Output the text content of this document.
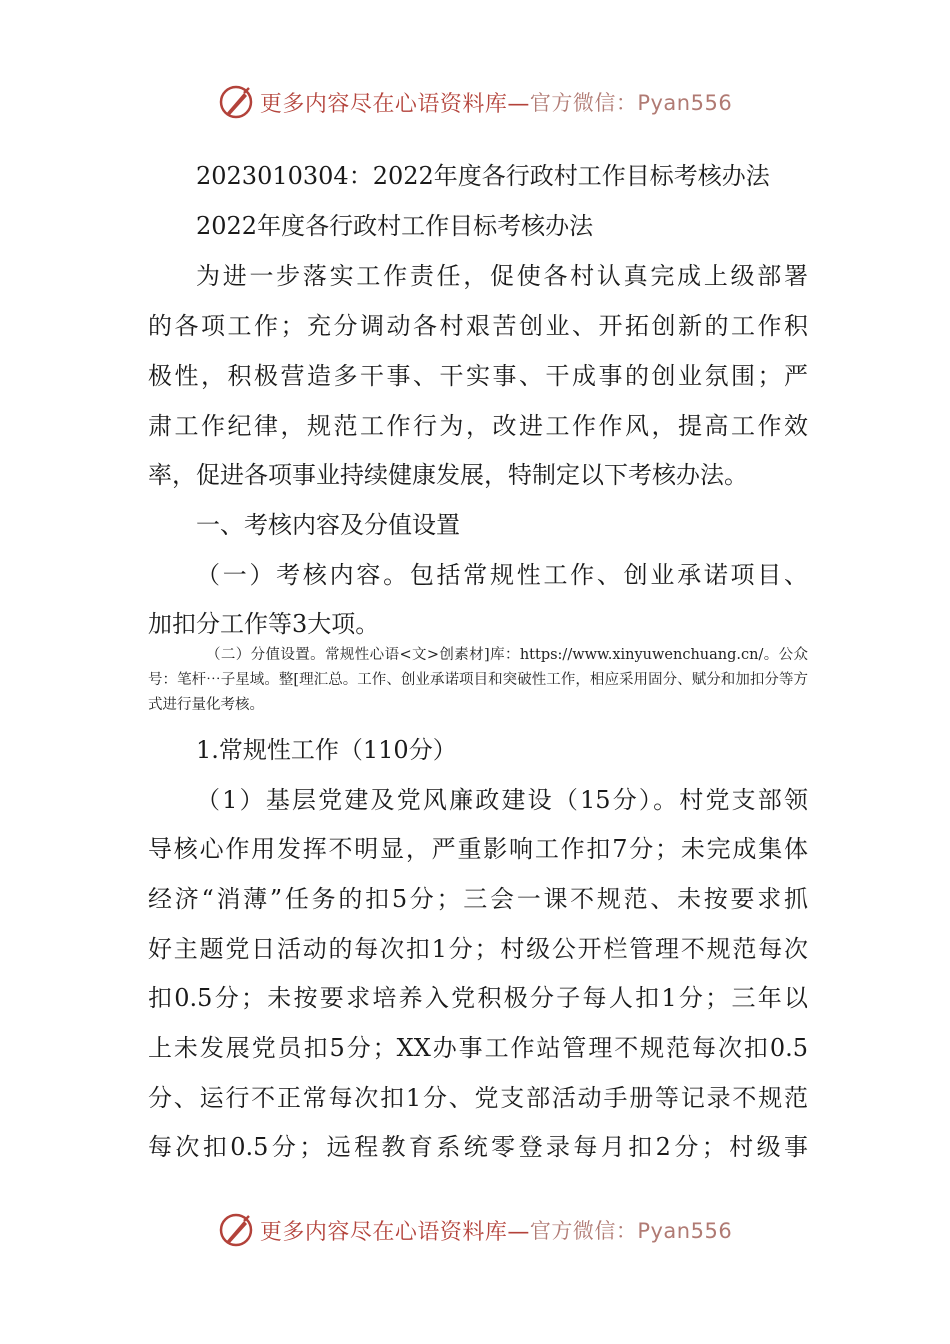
更多内容尽在心语资料库— 官方微信：Pyan556
2023010304：2022年度各行政村工作目标考核办法
2022年度各行政村工作目标考核办法
为进一步落实工作责任，促使各村认真完成上级部署
的各项工作；充分调动各村艰苦创业、开拓创新的工作积
极性，积极营造多干事、干实事、干成事的创业氛围；严
肃工作纪律，规范工作行为，改进工作作风，提高工作效
率，促进各项事业持续健康发展，特制定以下考核办法。
一、考核内容及分值设置
（一）考核内容。包括常规性工作、创业承诺项目、
加扣分工作等3大项。
（二）分值设置。常规性心语<文>创素材]库：https://www.xinyuwenchuang.cn/。公众号：笔杆⋯子星域。整[理汇总。工作、创业承诺项目和突破性工作，相应采用固分、赋分和加扣分等方式进行量化考核。
1.常规性工作（110分）
（1）基层党建及党风廉政建设（15分）。村党支部领
导核心作用发挥不明显，严重影响工作扣7分；未完成集体
经济“消薄”任务的扣5分；三会一课不规范、未按要求抓
好主题党日活动的每次扣1分；村级公开栏管理不规范每次
扣0.5分；未按要求培养入党积极分子每人扣1分；三年以
上未发展党员扣5分；XX办事工作站管理不规范每次扣0.5
分、运行不正常每次扣1分、党支部活动手册等记录不规范
每次扣0.5分；远程教育系统零登录每月扣2分；村级事
更多内容尽在心语资料库— 官方微信：Pyan556
